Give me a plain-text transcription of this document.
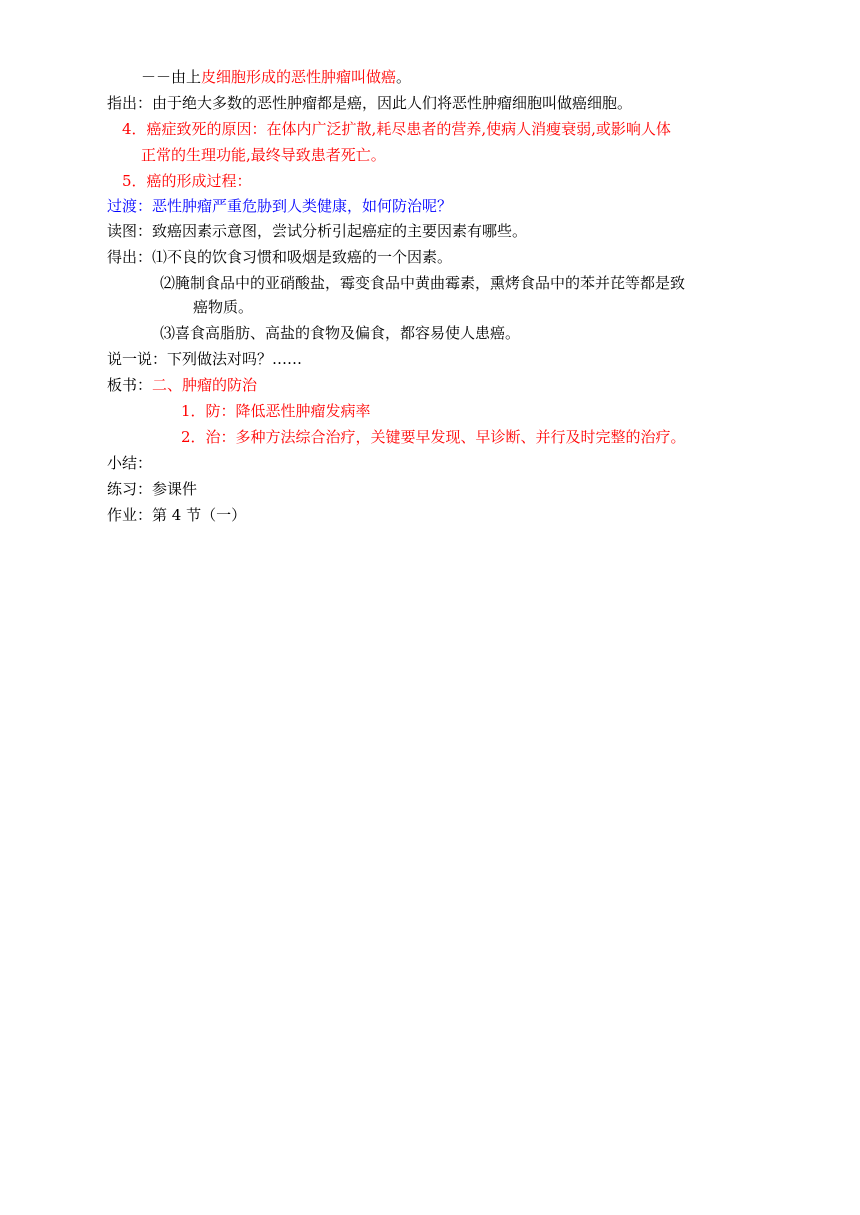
－－由上皮细胞形成的恶性肿瘤叫做癌。
指出：由于绝大多数的恶性肿瘤都是癌，因此人们将恶性肿瘤细胞叫做癌细胞。
4．癌症致死的原因：在体内广泛扩散,耗尽患者的营养,使病人消瘦衰弱,或影响人体
正常的生理功能,最终导致患者死亡。
5．癌的形成过程：
过渡：恶性肿瘤严重危胁到人类健康，如何防治呢？
读图：致癌因素示意图，尝试分析引起癌症的主要因素有哪些。
得出：⑴不良的饮食习惯和吸烟是致癌的一个因素。
⑵腌制食品中的亚硝酸盐，霉变食品中黄曲霉素，熏烤食品中的苯并芘等都是致
癌物质。
⑶喜食高脂肪、高盐的食物及偏食，都容易使人患癌。
说一说：下列做法对吗？……
板书：二、肿瘤的防治
1．防：降低恶性肿瘤发病率
2．治：多种方法综合治疗，关键要早发现、早诊断、并行及时完整的治疗。
小结：
练习：参课件
作业：第 4 节（一）
